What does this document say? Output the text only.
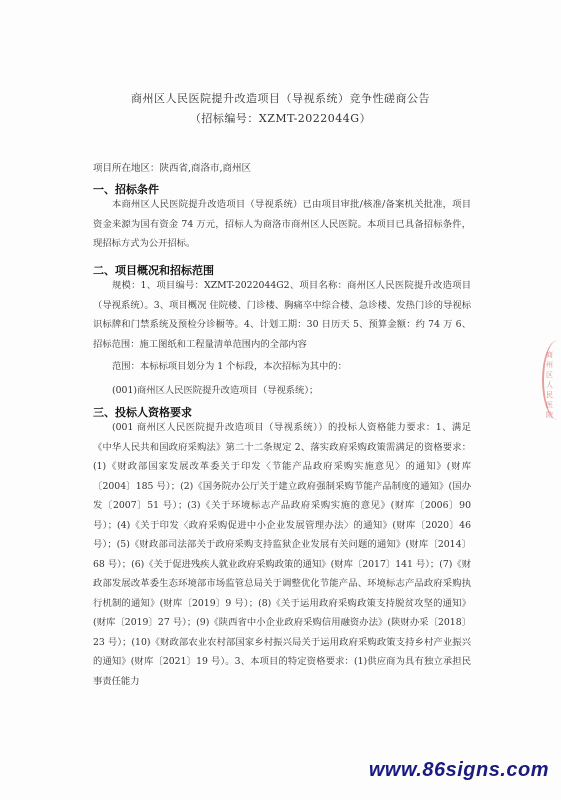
商州区人民医院提升改造项目（导视系统）竞争性磋商公告
（招标编号：XZMT-2022044G）
项目所在地区：陕西省,商洛市,商州区
一、招标条件
本商州区人民医院提升改造项目（导视系统）已由项目审批/核准/备案机关批准，项目资金来源为国有资金 74 万元，招标人为商洛市商州区人民医院。本项目已具备招标条件，现招标方式为公开招标。
二、项目概况和招标范围
规模：1、项目编号：XZMT-2022044G2、项目名称：商州区人民医院提升改造项目（导视系统）。3、项目概况 住院楼、门诊楼、胸痛卒中综合楼、急诊楼、发热门诊的导视标识标牌和门禁系统及预检分诊橱等。4、计划工期：30 日历天 5、预算金额：约 74 万 6、招标范围：施工图纸和工程量清单范围内的全部内容
范围：本标标项目划分为 1 个标段，本次招标为其中的：
(001)商州区人民医院提升改造项目（导视系统）；
三、投标人资格要求
(001 商州区人民医院提升改造项目（导视系统））的投标人资格能力要求：1、满足《中华人民共和国政府采购法》第二十二条规定 2、落实政府采购政策需满足的资格要求：(1)《财政部国家发展改革委关于印发〈节能产品政府采购实施意见〉的通知》(财库〔2004〕185 号）；(2)《国务院办公厅关于建立政府强制采购节能产品制度的通知》(国办发〔2007〕51 号）；(3)《关于环境标志产品政府采购实施的意见》(财库〔2006〕90 号）；(4)《关于印发〈政府采购促进中小企业发展管理办法〉的通知》(财库〔2020〕46 号）；(5)《财政部司法部关于政府采购支持监狱企业发展有关问题的通知》(财库〔2014〕68 号）；(6)《关于促进残疾人就业政府采购政策的通知》(财库〔2017〕141 号）；(7)《财政部发展改革委生态环境部市场监管总局关于调整优化节能产品、环境标志产品政府采购执行机制的通知》(财库〔2019〕9 号）；(8)《关于运用政府采购政策支持脱贫攻坚的通知》(财库〔2019〕27 号）；(9)《陕西省中小企业政府采购信用融资办法》(陕财办采〔2018〕23 号）；(10)《财政部农业农村部国家乡村振兴局关于运用政府采购政策支持乡村产业振兴的通知》(财库〔2021〕19 号）。3、本项目的特定资格要求：(1)供应商为具有独立承担民事责任能力
商州区人民医院
www.86signs.com
